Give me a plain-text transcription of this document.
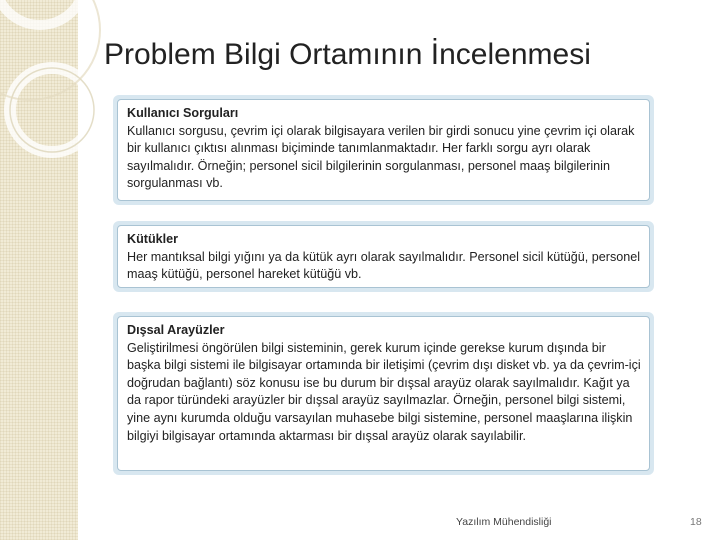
Problem Bilgi Ortamının İncelenmesi
Kullanıcı Sorguları
Kullanıcı sorgusu, çevrim içi olarak bilgisayara verilen bir girdi sonucu yine çevrim içi olarak bir kullanıcı çıktısı alınması biçiminde tanımlanmaktadır. Her farklı sorgu ayrı olarak sayılmalıdır. Örneğin; personel sicil bilgilerinin sorgulanması, personel maaş bilgilerinin sorgulanması vb.
Kütükler
Her mantıksal bilgi yığını ya da kütük ayrı olarak sayılmalıdır. Personel sicil kütüğü, personel maaş kütüğü, personel hareket kütüğü vb.
Dışsal Arayüzler
Geliştirilmesi öngörülen bilgi sisteminin, gerek kurum içinde gerekse kurum dışında bir başka bilgi sistemi ile bilgisayar ortamında bir iletişimi (çevrim dışı disket vb. ya da çevrim-içi doğrudan bağlantı) söz konusu ise bu durum bir dışsal arayüz olarak sayılmalıdır. Kağıt ya da rapor türündeki arayüzler bir dışsal arayüz sayılmazlar. Örneğin, personel bilgi sistemi, yine aynı kurumda olduğu varsayılan muhasebe bilgi sistemine, personel maaşlarına ilişkin bilgiyi bilgisayar ortamında aktarması bir dışsal arayüz olarak sayılabilir.
Yazılım Mühendisliği	18
